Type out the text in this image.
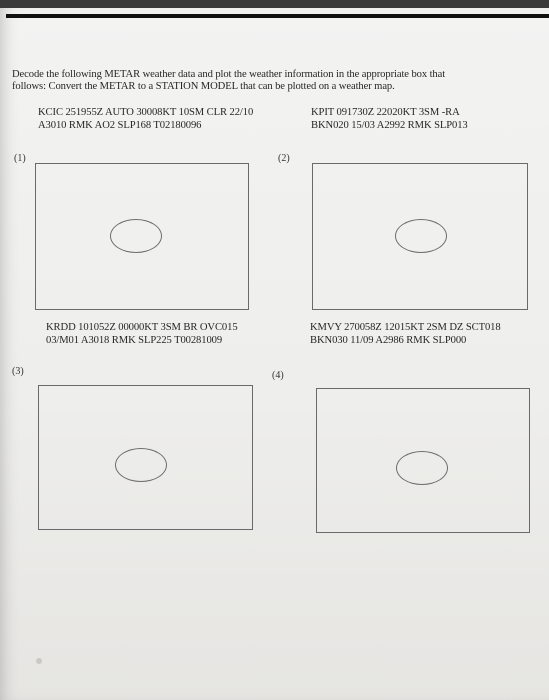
Decode the following METAR weather data and plot the weather information in the appropriate box that
follows: Convert the METAR to a STATION MODEL that can be plotted on a weather map.
KCIC 251955Z AUTO 30008KT 10SM CLR 22/10
A3010 RMK AO2 SLP168 T02180096
KPIT 091730Z 22020KT 3SM -RA
BKN020 15/03 A2992 RMK SLP013
(1)	(2)
KRDD 101052Z 00000KT 3SM BR OVC015
03/M01 A3018 RMK SLP225 T00281009
KMVY 270058Z 12015KT 2SM DZ SCT018
BKN030 11/09 A2986 RMK SLP000
(3)	(4)
